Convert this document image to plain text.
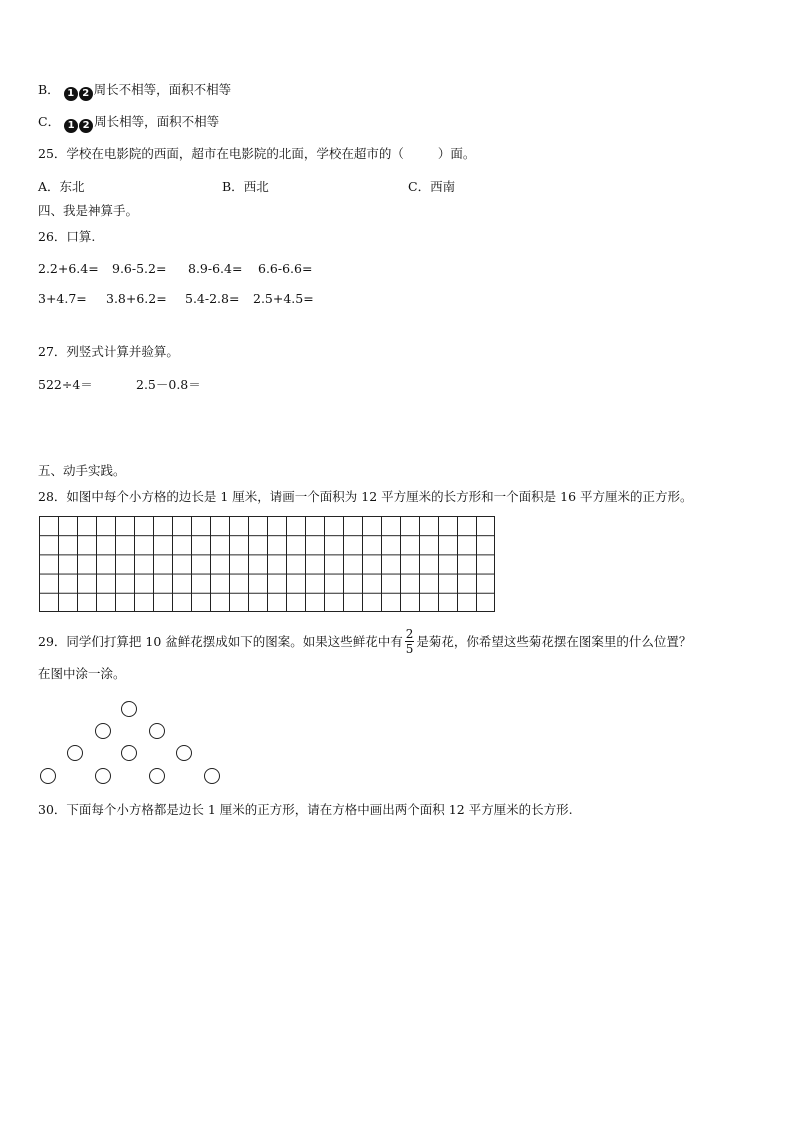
B． 1 2 周长不相等，面积不相等
C． 1 2 周长相等，面积不相等
25．学校在电影院的西面，超市在电影院的北面，学校在超市的（	）面。
A．东北	B．西北	C．西南
四、我是神算手。
26．口算.
2.2+6.4= 9.6-5.2= 8.9-6.4= 6.6-6.6=
3+4.7= 3.8+6.2= 5.4-2.8= 2.5+4.5=
27．列竖式计算并验算。
522÷4＝	2.5－0.8＝
五、动手实践。
28．如图中每个小方格的边长是 1 厘米，请画一个面积为 12 平方厘米的长方形和一个面积是 16 平方厘米的正方形。
29．同学们打算把 10 盆鲜花摆成如下的图案。如果这些鲜花中有 $\frac{2}{5}$ 是菊花，你希望这些菊花摆在图案里的什么位置？
在图中涂一涂。
30．下面每个小方格都是边长 1 厘米的正方形，请在方格中画出两个面积 12 平方厘米的长方形.
